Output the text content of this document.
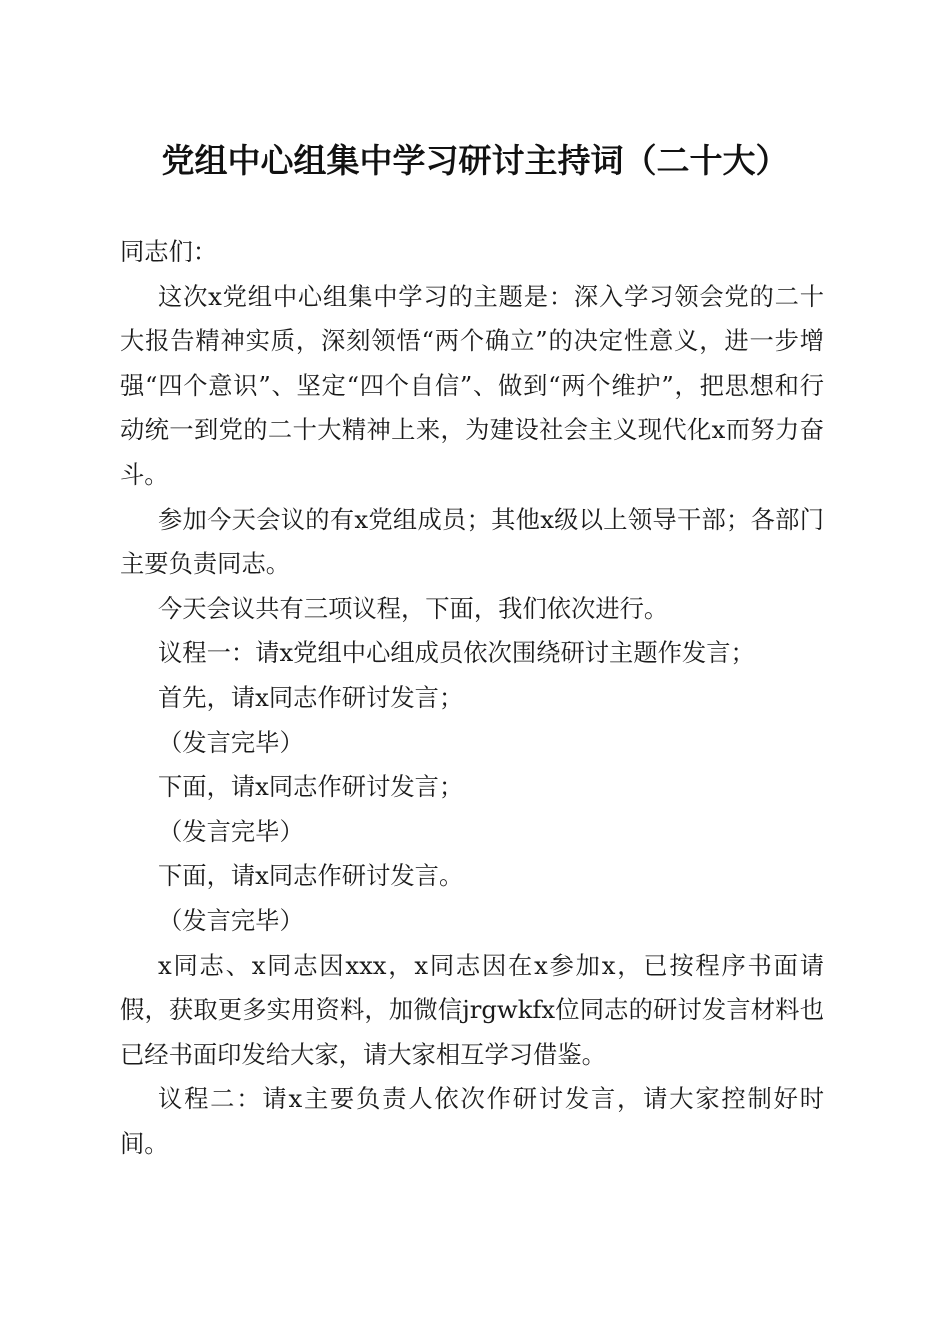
党组中心组集中学习研讨主持词（二十大）

同志们：

这次x党组中心组集中学习的主题是：深入学习领会党的二十大报告精神实质，深刻领悟“两个确立”的决定性意义，进一步增强“四个意识”、坚定“四个自信”、做到“两个维护”，把思想和行动统一到党的二十大精神上来，为建设社会主义现代化x而努力奋斗。

参加今天会议的有x党组成员；其他x级以上领导干部；各部门主要负责同志。

今天会议共有三项议程，下面，我们依次进行。

议程一：请x党组中心组成员依次围绕研讨主题作发言；

首先，请x同志作研讨发言；

（发言完毕）

下面，请x同志作研讨发言；

（发言完毕）

下面，请x同志作研讨发言。

（发言完毕）

x同志、x同志因xxx，x同志因在x参加x，已按程序书面请假，获取更多实用资料，加微信jrgwkfx位同志的研讨发言材料也已经书面印发给大家，请大家相互学习借鉴。

议程二：请x主要负责人依次作研讨发言，请大家控制好时间。
